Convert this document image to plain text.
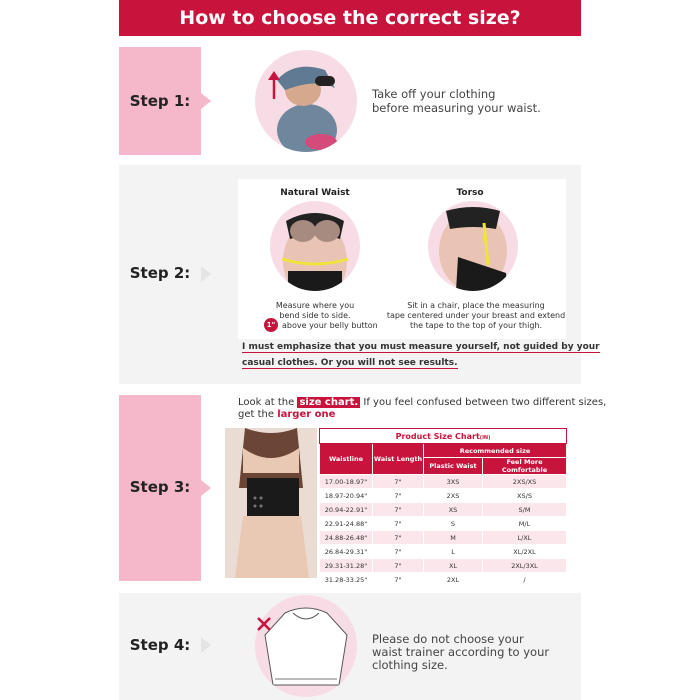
How to choose the correct size?
Step 1:	Take off your clothing
before measuring your waist.
Step 2:
Natural Waist	Torso
Measure where you
bend side to side.
above your belly button
1"
Sit in a chair, place the measuring
tape centered under your breast and extend
the tape to the top of your thigh.
I must emphasize that you must measure yourself, not guided by your
casual clothes. Or you will not see results.
Step 3:
Look at the size chart. If you feel confused between two different sizes,
get the larger one
Product Size Chart(IN)			
Waistline	Waist Length	Recommended size	
		Plastic Waist	Feel More Comfortable
17.00-18.97"	7"	3XS	2XS/XS
18.97-20.94"	7"	2XS	XS/S
20.94-22.91"	7"	XS	S/M
22.91-24.88"	7"	S	M/L
24.88-26.48"	7"	M	L/XL
26.84-29.31"	7"	L	XL/2XL
29.31-31.28"	7"	XL	2XL/3XL
31.28-33.25"	7"	2XL	/
Step 4:	Please do not choose your
waist trainer according to your
clothing size.
